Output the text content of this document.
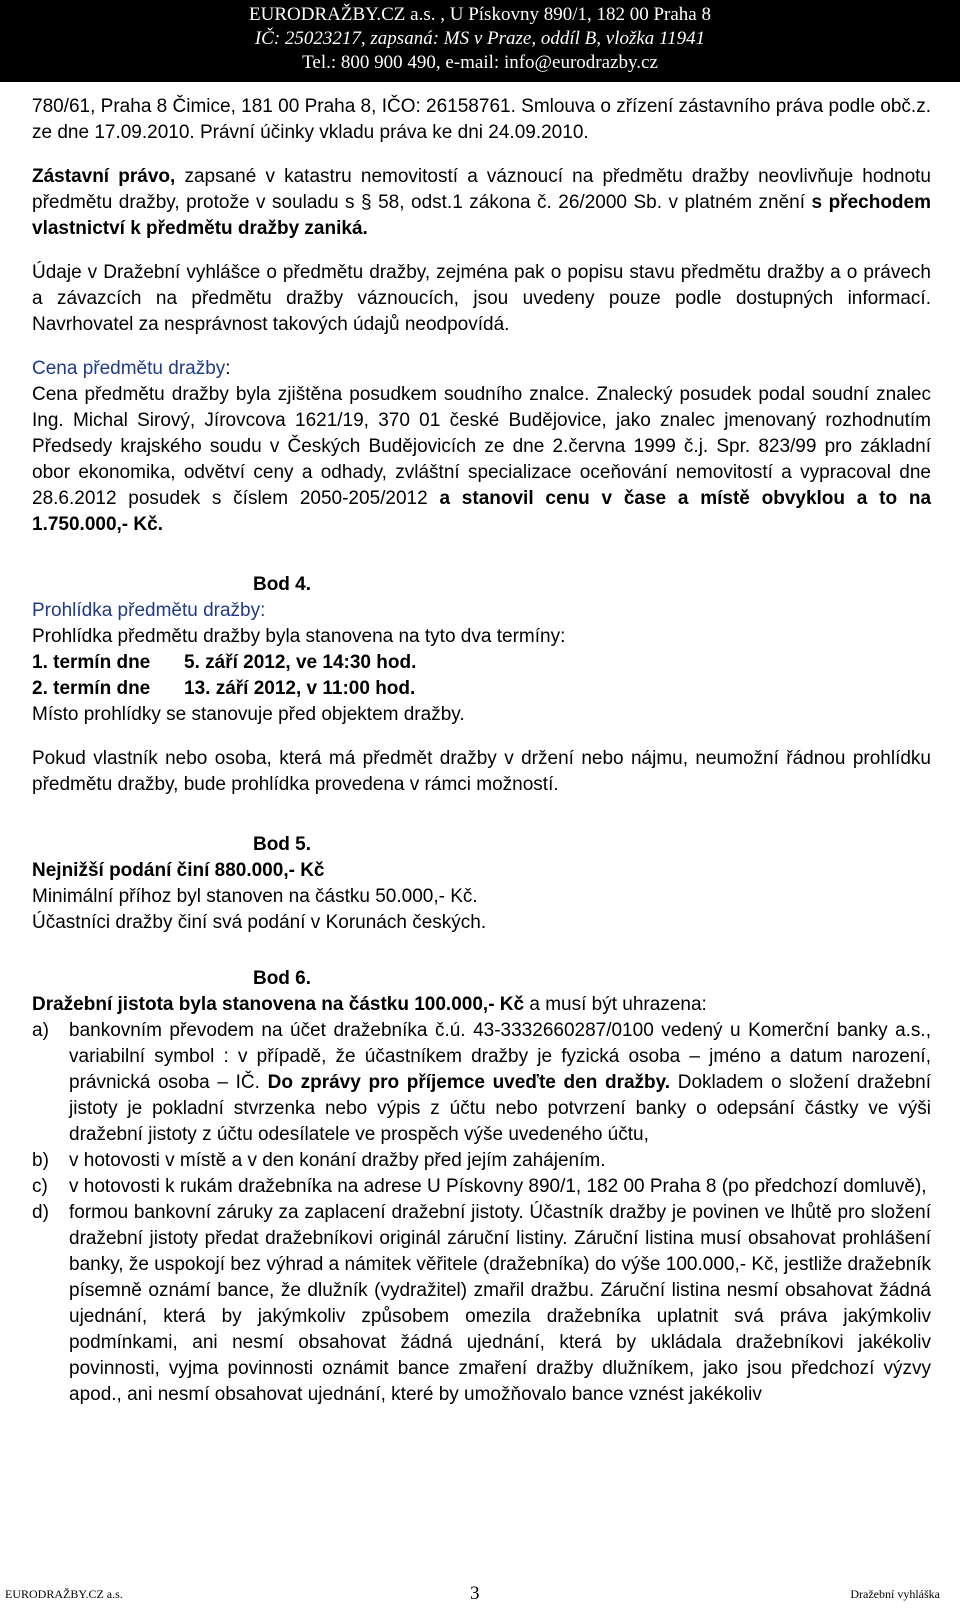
EURODRAŽBY.CZ a.s. , U Pískovny 890/1, 182 00 Praha 8
IČ: 25023217, zapsaná: MS v Praze, oddíl B, vložka 11941
Tel.: 800 900 490, e-mail: info@eurodrazby.cz

780/61, Praha 8 Čimice, 181 00 Praha 8, IČO: 26158761. Smlouva o zřízení zástavního práva podle obč.z. ze dne 17.09.2010. Právní účinky vkladu práva ke dni 24.09.2010.

Zástavní právo, zapsané v katastru nemovitostí a váznoucí na předmětu dražby neovlivňuje hodnotu předmětu dražby, protože v souladu s § 58, odst.1 zákona č. 26/2000 Sb. v platném znění s přechodem vlastnictví k předmětu dražby zaniká.

Údaje v Dražební vyhlášce o předmětu dražby, zejména pak o popisu stavu předmětu dražby a o právech a závazcích na předmětu dražby váznoucích, jsou uvedeny pouze podle dostupných informací. Navrhovatel za nesprávnost takových údajů neodpovídá.

Cena předmětu dražby:

Cena předmětu dražby byla zjištěna posudkem soudního znalce. Znalecký posudek podal soudní znalec Ing. Michal Sirový, Jírovcova 1621/19, 370 01 české Budějovice, jako znalec jmenovaný rozhodnutím Předsedy krajského soudu v Českých Budějovicích ze dne 2.června 1999 č.j. Spr. 823/99 pro základní obor ekonomika, odvětví ceny a odhady, zvláštní specializace oceňování nemovitostí a vypracoval dne 28.6.2012 posudek s číslem 2050-205/2012 a stanovil cenu v čase a místě obvyklou a to na 1.750.000,- Kč.

Bod 4.

Prohlídka předmětu dražby:

Prohlídka předmětu dražby byla stanovena na tyto dva termíny:

1. termín dne	5. září 2012, ve 14:30 hod.
2. termín dne	13. září 2012, v 11:00 hod.

Místo prohlídky se stanovuje před objektem dražby.

Pokud vlastník nebo osoba, která má předmět dražby v držení nebo nájmu, neumožní řádnou prohlídku předmětu dražby, bude prohlídka provedena v rámci možností.

Bod 5.

Nejnižší podání činí 880.000,- Kč

Minimální příhoz byl stanoven na částku 50.000,- Kč.

Účastníci dražby činí svá podání v Korunách českých.

Bod 6.

Dražební jistota byla stanovena na částku 100.000,- Kč a musí být uhrazena:

a)	bankovním převodem na účet dražebníka č.ú. 43-3332660287/0100 vedený u Komerční banky a.s., variabilní symbol : v případě, že účastníkem dražby je fyzická osoba – jméno a datum narození, právnická osoba – IČ. Do zprávy pro příjemce uveďte den dražby. Dokladem o složení dražební jistoty je pokladní stvrzenka nebo výpis z účtu nebo potvrzení banky o odepsání částky ve výši dražební jistoty z účtu odesílatele ve prospěch výše uvedeného účtu,
b)	v hotovosti v místě a v den konání dražby před jejím zahájením.
c)	v hotovosti k rukám dražebníka na adrese U Pískovny 890/1, 182 00 Praha 8 (po předchozí domluvě),
d)	formou bankovní záruky za zaplacení dražební jistoty. Účastník dražby je povinen ve lhůtě pro složení dražební jistoty předat dražebníkovi originál záruční listiny. Záruční listina musí obsahovat prohlášení banky, že uspokojí bez výhrad a námitek věřitele (dražebníka) do výše 100.000,- Kč, jestliže dražebník písemně oznámí bance, že dlužník (vydražitel) zmařil dražbu. Záruční listina nesmí obsahovat žádná ujednání, která by jakýmkoliv způsobem omezila dražebníka uplatnit svá práva jakýmkoliv podmínkami, ani nesmí obsahovat žádná ujednání, která by ukládala dražebníkovi jakékoliv povinnosti, vyjma povinnosti oznámit bance zmaření dražby dlužníkem, jako jsou předchozí výzvy apod., ani nesmí obsahovat ujednání, které by umožňovalo bance vznést jakékoliv
EURODRAŽBY.CZ a.s.	3	Dražební vyhláška
